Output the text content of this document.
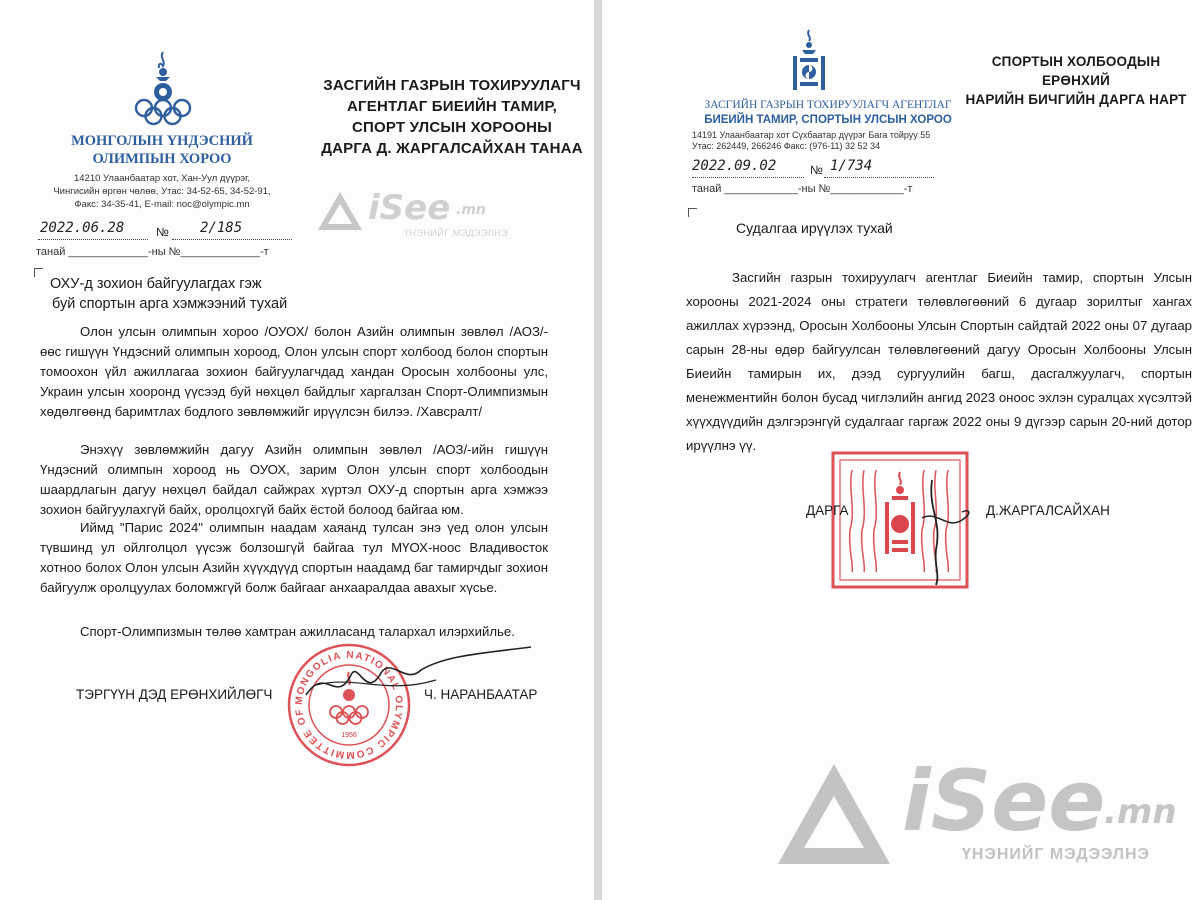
МОНГОЛЫН ҮНДЭСНИЙ
ОЛИМПЫН ХОРОО
14210 Улаанбаатар хот, Хан-Уул дүүрэг,
Чингисийн өргөн чөлөө, Утас: 34-52-65, 34-52-91,
Факс: 34-35-41, E-mail: noc@olympic.mn
2022.06.28	№ 2/185
танай _____________-ны №_____________-т
ЗАСГИЙН ГАЗРЫН ТОХИРУУЛАГЧ
АГЕНТЛАГ БИЕИЙН ТАМИР,
СПОРТ УЛСЫН ХОРООНЫ
ДАРГА Д. ЖАРГАЛСАЙХАН ТАНАА
ОХУ-д зохион байгуулагдах гэж
буй спортын арга хэмжээний тухай
Олон улсын олимпын хороо /ОУОХ/ болон Азийн олимпын зөвлөл /АОЗ/-өөс гишүүн Үндэсний олимпын хороод, Олон улсын спорт холбоод болон спортын томоохон үйл ажиллагаа зохион байгуулагчдад хандан Оросын холбооны улс, Украин улсын хооронд үүсээд буй нөхцөл байдлыг харгалзан Спорт-Олимпизмын хөдөлгөөнд баримтлах бодлого зөвлөмжийг ирүүлсэн билээ. /Хавсралт/
Энэхүү зөвлөмжийн дагуу Азийн олимпын зөвлөл /АОЗ/-ийн гишүүн Үндэсний олимпын хороод нь ОУОХ, зарим Олон улсын спорт холбоодын шаардлагын дагуу нөхцөл байдал сайжрах хүртэл ОХУ-д спортын арга хэмжээ зохион байгуулахгүй байх, оролцохгүй байх ёстой болоод байгаа юм.
Иймд "Парис 2024" олимпын наадам хаяанд тулсан энэ үед олон улсын түвшинд ул ойлголцол үүсэж болзошгүй байгаа тул МҮОХ-ноос Владивосток хотноо болох Олон улсын Азийн хүүхдүүд спортын наадамд баг тамирчдыг зохион байгуулж оролцуулах боломжгүй болж байгааг анхааралдаа авахыг хүсье.
Спорт-Олимпизмын төлөө хамтран ажилласанд талархал илэрхийлье.
ТЭРГҮҮН ДЭД ЕРӨНХИЙЛӨГЧ	Ч. НАРАНБААТАР
1956
MONGOLIA NATIONAL OLYMPIC COMMITTEE OF
iSee .mn
ҮНЭНИЙГ МЭДЭЭЛНЭ
ЗАСГИЙН ГАЗРЫН ТОХИРУУЛАГЧ АГЕНТЛАГ
БИЕИЙН ТАМИР, СПОРТЫН УЛСЫН ХОРОО
14191 Улаанбаатар хот Сүхбаатар дүүрэг Бага тойруу 55
Утас: 262449, 266246 Факс: (976-11) 32 52 34
2022.09.02	№ 1/734
танай ____________-ны №____________-т
СПОРТЫН ХОЛБООДЫН ЕРӨНХИЙ
НАРИЙН БИЧГИЙН ДАРГА НАРТ
Судалгаа ирүүлэх тухай
Засгийн газрын тохируулагч агентлаг Биеийн тамир, спортын Улсын хорооны 2021-2024 оны стратеги төлөвлөгөөний 6 дугаар зорилтыг хангах ажиллах хүрээнд, Оросын Холбооны Улсын Спортын сайдтай 2022 оны 07 дугаар сарын 28-ны өдөр байгуулсан төлөвлөгөөний дагуу Оросын Холбооны Улсын Биеийн тамирын их, дээд сургуулийн багш, дасгалжуулагч, спортын менежментийн болон бусад чиглэлийн ангид 2023 оноос эхлэн суралцах хүсэлтэй хүүхдүүдийн дэлгэрэнгүй судалгааг гаргаж 2022 оны 9 дүгээр сарын 20-ний дотор ирүүлнэ үү.
ДАРГА	Д.ЖАРГАЛСАЙХАН
iSee
.mn
ҮНЭНИЙГ МЭДЭЭЛНЭ
